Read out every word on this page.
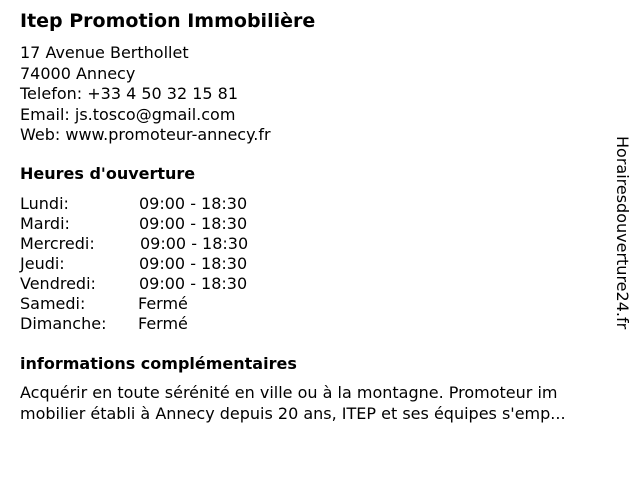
Itep Promotion Immobilière
17 Avenue Berthollet
74000 Annecy
Telefon: +33 4 50 32 15 81
Email: js.tosco@gmail.com
Web: www.promoteur-annecy.fr
Heures d'ouverture
Lundi:	09:00 - 18:30
Mardi:	09:00 - 18:30
Mercredi:	09:00 - 18:30
Jeudi:	09:00 - 18:30
Vendredi:	09:00 - 18:30
Samedi:	Fermé
Dimanche: Fermé
informations complémentaires
Acquérir en toute sérénité en ville ou à la montagne. Promoteur im
mobilier établi à Annecy depuis 20 ans, ITEP et ses équipes s'emp...
Horairesdouverture24.fr
